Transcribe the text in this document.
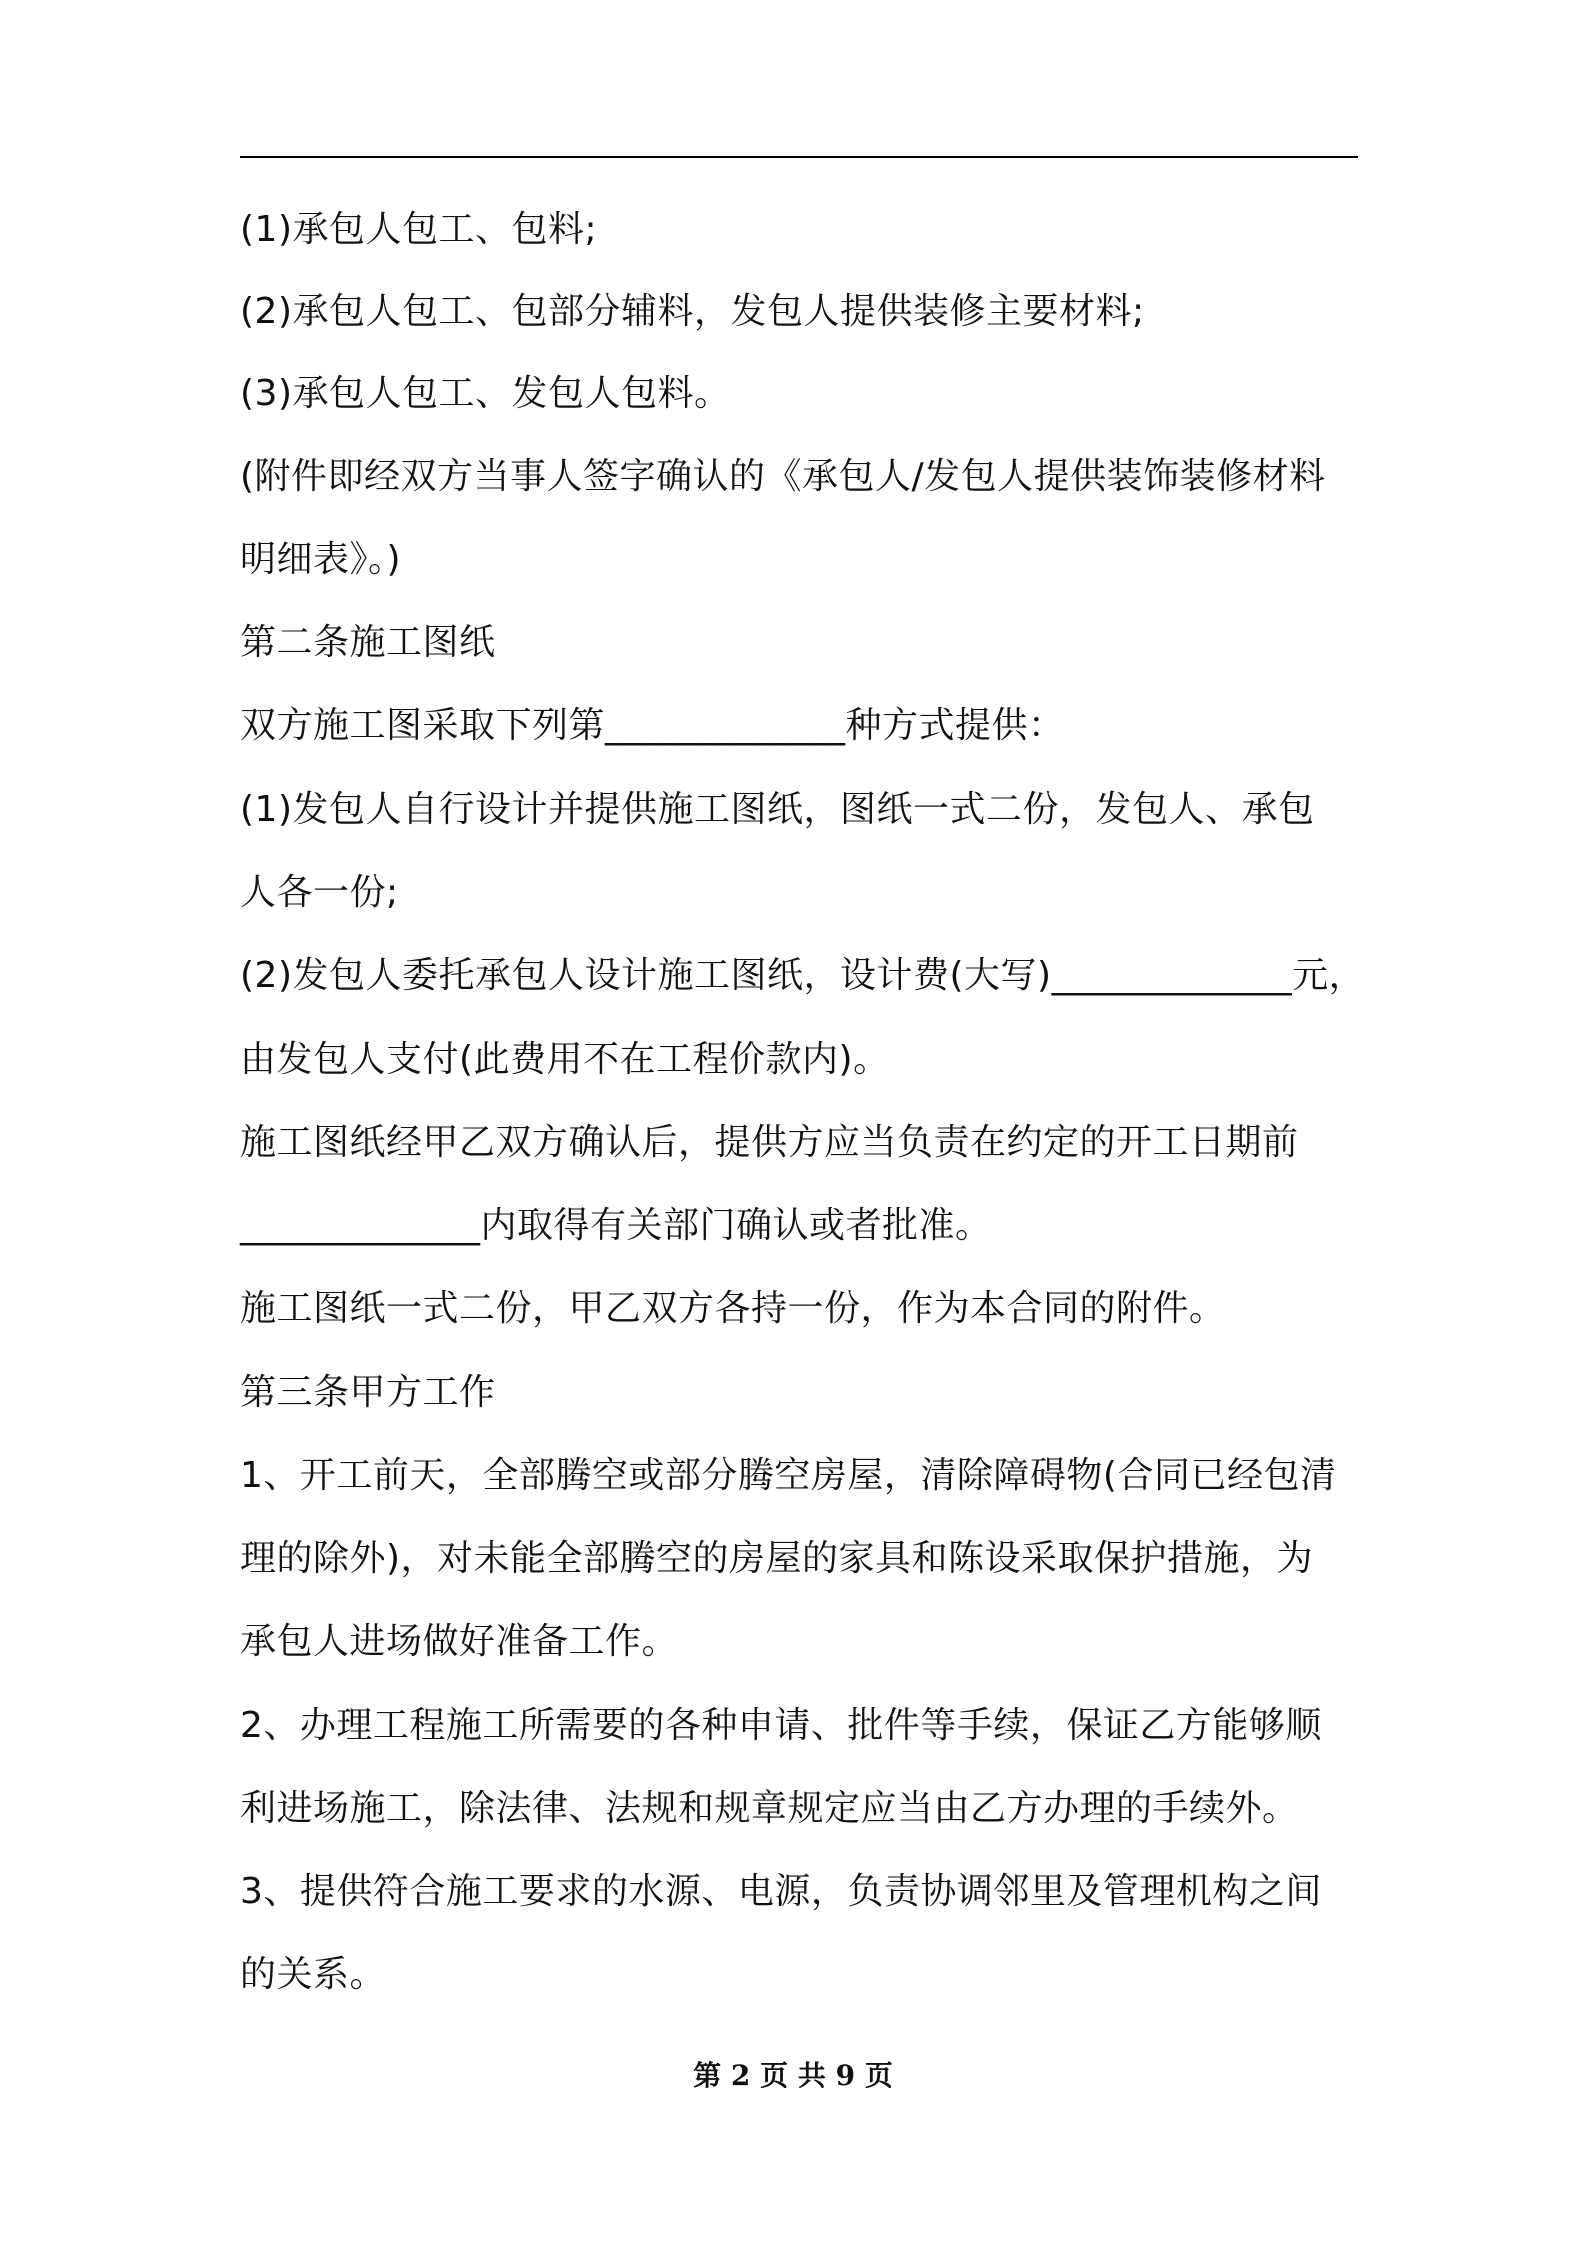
(1)承包人包工、包料;
(2)承包人包工、包部分辅料，发包人提供装修主要材料;
(3)承包人包工、发包人包料。
(附件即经双方当事人签字确认的《承包人/发包人提供装饰装修材料
明细表》。)
第二条施工图纸
双方施工图采取下列第_____________种方式提供：
(1)发包人自行设计并提供施工图纸，图纸一式二份，发包人、承包
人各一份;
(2)发包人委托承包人设计施工图纸，设计费(大写)_____________元，
由发包人支付(此费用不在工程价款内)。
施工图纸经甲乙双方确认后，提供方应当负责在约定的开工日期前
_____________内取得有关部门确认或者批准。
施工图纸一式二份，甲乙双方各持一份，作为本合同的附件。
第三条甲方工作
1、开工前天，全部腾空或部分腾空房屋，清除障碍物(合同已经包清
理的除外)，对未能全部腾空的房屋的家具和陈设采取保护措施，为
承包人进场做好准备工作。
2、办理工程施工所需要的各种申请、批件等手续，保证乙方能够顺
利进场施工，除法律、法规和规章规定应当由乙方办理的手续外。
3、提供符合施工要求的水源、电源，负责协调邻里及管理机构之间
的关系。
第 2 页 共 9 页
